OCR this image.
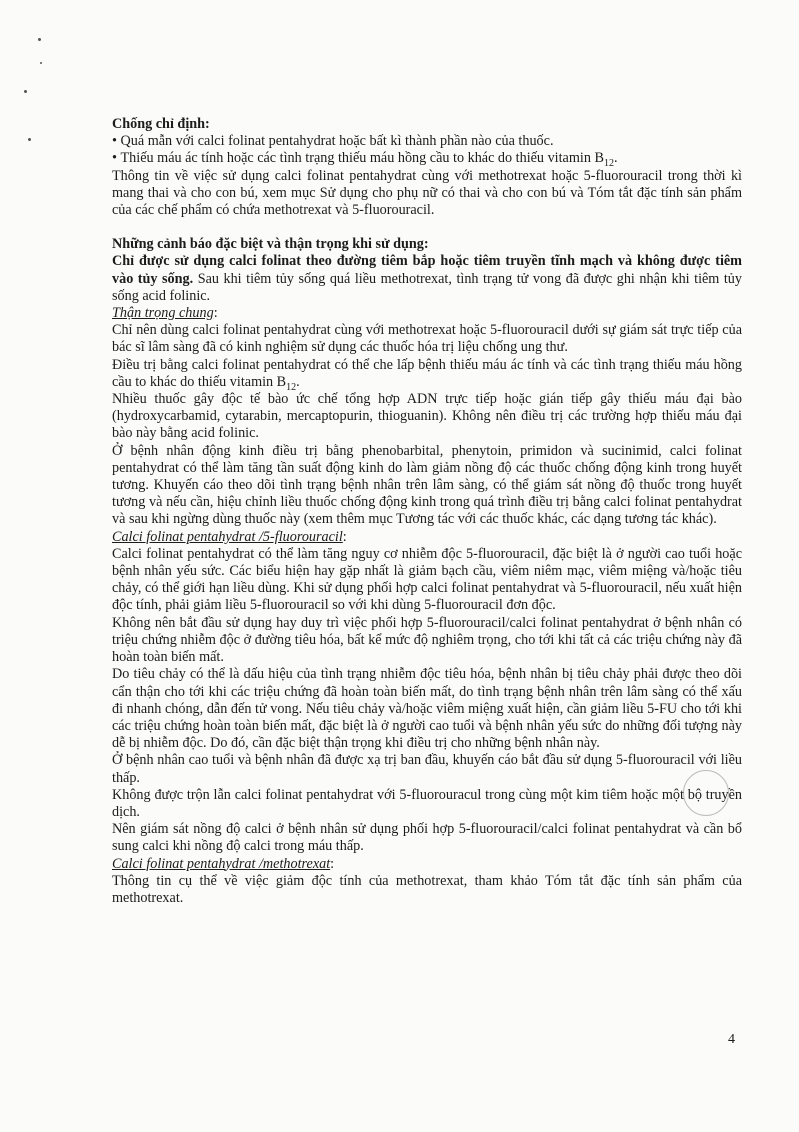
Chống chỉ định:

• Quá mẫn với calci folinat pentahydrat hoặc bất kì thành phần nào của thuốc.

• Thiếu máu ác tính hoặc các tình trạng thiếu máu hồng cầu to khác do thiếu vitamin $B_{12}$.

Thông tin về việc sử dụng calci folinat pentahydrat cùng với methotrexat hoặc 5-fluorouracil trong thời kì mang thai và cho con bú, xem mục Sử dụng cho phụ nữ có thai và cho con bú và Tóm tắt đặc tính sản phẩm của các chế phẩm có chứa methotrexat và 5-fluorouracil.

Những cảnh báo đặc biệt và thận trọng khi sử dụng:

Chỉ được sử dụng calci folinat theo đường tiêm bắp hoặc tiêm truyền tĩnh mạch và không được tiêm vào tủy sống. Sau khi tiêm tủy sống quá liều methotrexat, tình trạng tử vong đã được ghi nhận khi tiêm tủy sống acid folinic.

Thận trọng chung:

Chỉ nên dùng calci folinat pentahydrat cùng với methotrexat hoặc 5-fluorouracil dưới sự giám sát trực tiếp của bác sĩ lâm sàng đã có kinh nghiệm sử dụng các thuốc hóa trị liệu chống ung thư.

Điều trị bằng calci folinat pentahydrat có thể che lấp bệnh thiếu máu ác tính và các tình trạng thiếu máu hồng cầu to khác do thiếu vitamin $B_{12}$.

Nhiều thuốc gây độc tế bào ức chế tổng hợp ADN trực tiếp hoặc gián tiếp gây thiếu máu đại bào (hydroxycarbamid, cytarabin, mercaptopurin, thioguanin). Không nên điều trị các trường hợp thiếu máu đại bào này bằng acid folinic.

Ở bệnh nhân động kinh điều trị bằng phenobarbital, phenytoin, primidon và sucinimid, calci folinat pentahydrat có thể làm tăng tần suất động kinh do làm giảm nồng độ các thuốc chống động kinh trong huyết tương. Khuyến cáo theo dõi tình trạng bệnh nhân trên lâm sàng, có thể giám sát nồng độ thuốc trong huyết tương và nếu cần, hiệu chỉnh liều thuốc chống động kinh trong quá trình điều trị bằng calci folinat pentahydrat và sau khi ngừng dùng thuốc này (xem thêm mục Tương tác với các thuốc khác, các dạng tương tác khác).

Calci folinat pentahydrat /5-fluorouracil:

Calci folinat pentahydrat có thể làm tăng nguy cơ nhiễm độc 5-fluorouracil, đặc biệt là ở người cao tuổi hoặc bệnh nhân yếu sức. Các biểu hiện hay gặp nhất là giảm bạch cầu, viêm niêm mạc, viêm miệng và/hoặc tiêu chảy, có thể giới hạn liều dùng. Khi sử dụng phối hợp calci folinat pentahydrat và 5-fluorouracil, nếu xuất hiện độc tính, phải giảm liều 5-fluorouracil so với khi dùng 5-fluorouracil đơn độc.

Không nên bắt đầu sử dụng hay duy trì việc phối hợp 5-fluorouracil/calci folinat pentahydrat ở bệnh nhân có triệu chứng nhiễm độc ở đường tiêu hóa, bất kể mức độ nghiêm trọng, cho tới khi tất cả các triệu chứng này đã hoàn toàn biến mất.

Do tiêu chảy có thể là dấu hiệu của tình trạng nhiễm độc tiêu hóa, bệnh nhân bị tiêu chảy phải được theo dõi cẩn thận cho tới khi các triệu chứng đã hoàn toàn biến mất, do tình trạng bệnh nhân trên lâm sàng có thể xấu đi nhanh chóng, dẫn đến tử vong. Nếu tiêu chảy và/hoặc viêm miệng xuất hiện, cần giảm liều 5-FU cho tới khi các triệu chứng hoàn toàn biến mất, đặc biệt là ở người cao tuổi và bệnh nhân yếu sức do những đối tượng này dễ bị nhiễm độc. Do đó, cần đặc biệt thận trọng khi điều trị cho những bệnh nhân này.

Ở bệnh nhân cao tuổi và bệnh nhân đã được xạ trị ban đầu, khuyến cáo bắt đầu sử dụng 5-fluorouracil với liều thấp.

Không được trộn lẫn calci folinat pentahydrat với 5-fluorouracul trong cùng một kim tiêm hoặc một bộ truyền dịch.

Nên giám sát nồng độ calci ở bệnh nhân sử dụng phối hợp 5-fluorouracil/calci folinat pentahydrat và cần bổ sung calci khi nồng độ calci trong máu thấp.

Calci folinat pentahydrat /methotrexat:

Thông tin cụ thể về việc giảm độc tính của methotrexat, tham khảo Tóm tắt đặc tính sản phẩm của methotrexat.

4
